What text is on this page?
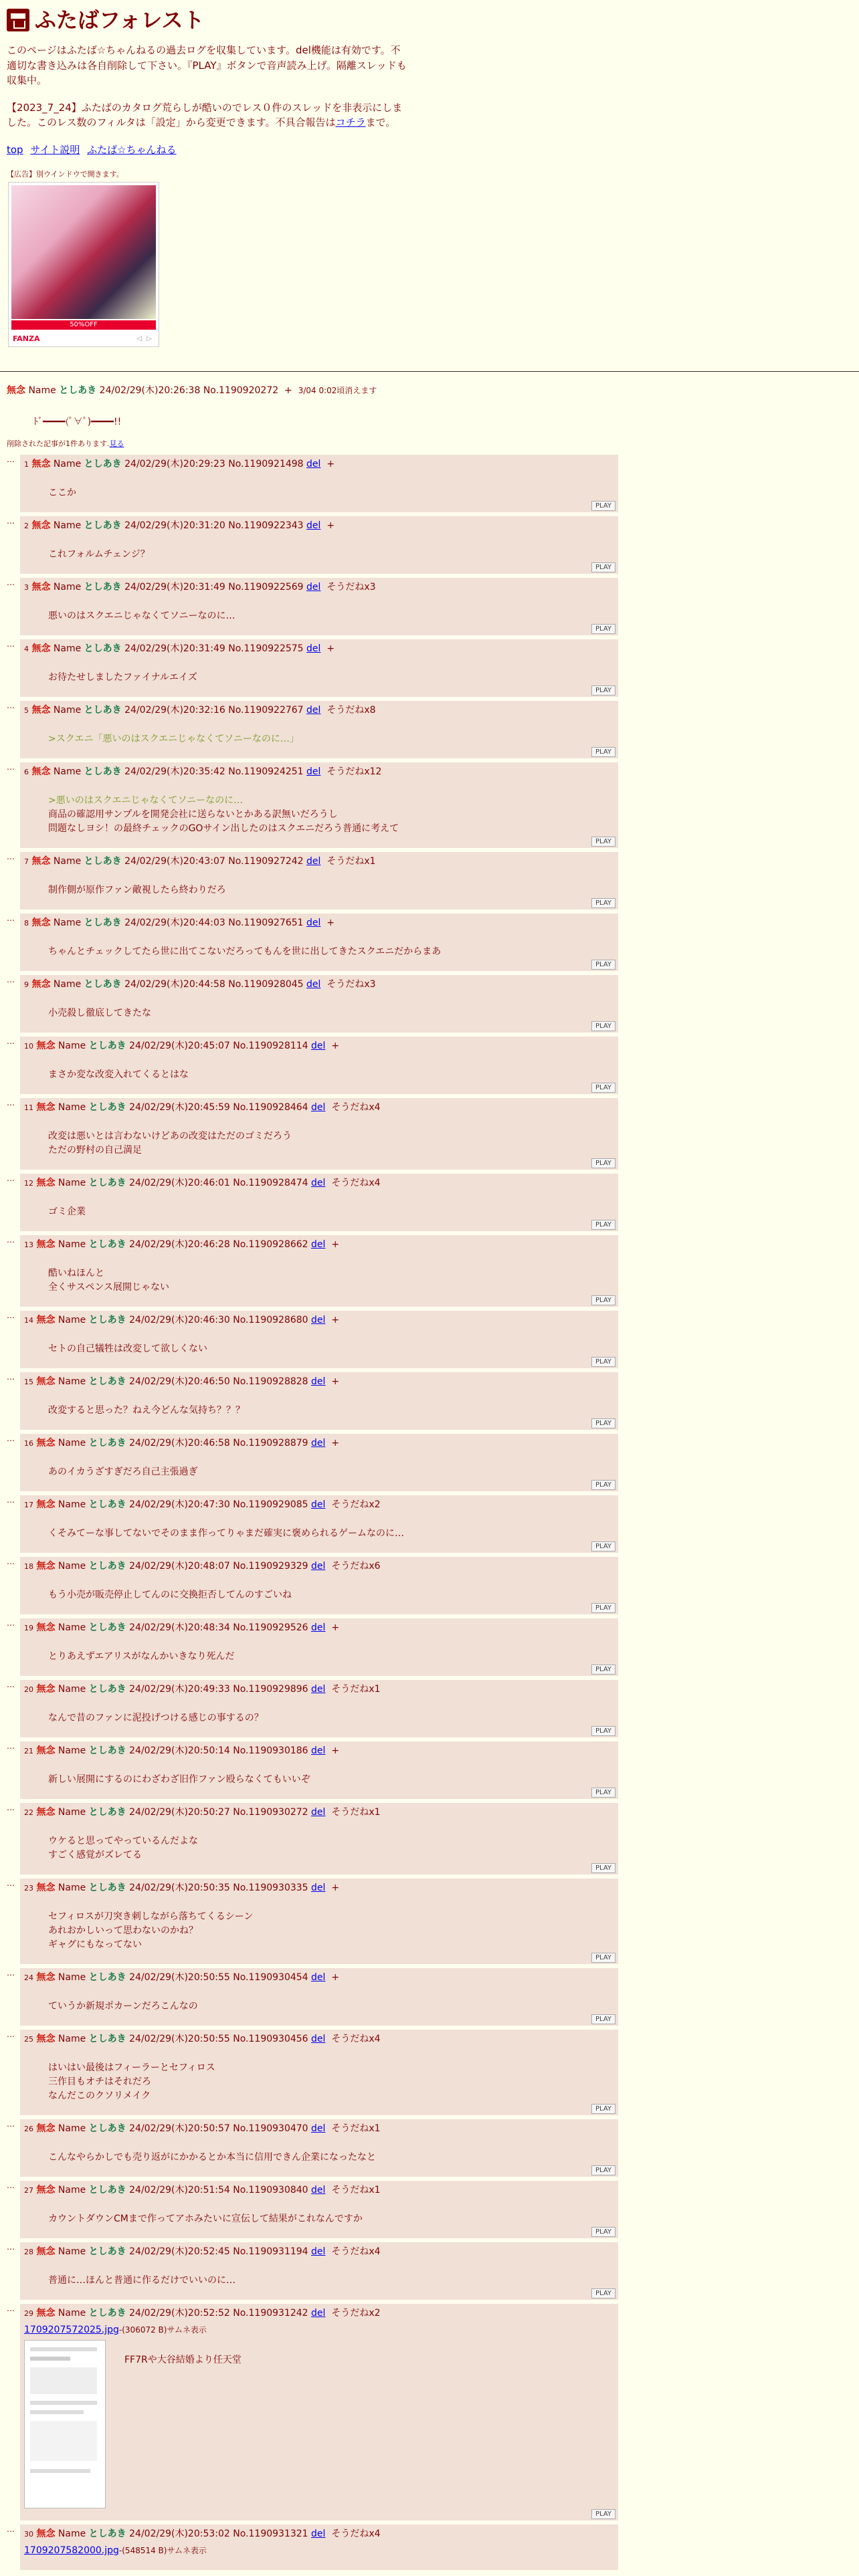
ふたばフォレスト

このページはふたば☆ちゃんねるの過去ログを収集しています。del機能は有効です。不適切な書き込みは各自削除して下さい。『PLAY』ボタンで音声読み上げ。隔離スレッドも収集中。

【2023_7_24】ふたばのカタログ荒らしが酷いのでレス０件のスレッドを非表示にしました。このレス数のフィルタは「設定」から変更できます。不具合報告はコチラまで。

top サイト説明 ふたば☆ちゃんねる
【広告】別ウインドウで開きます。
50%OFF
FANZA	◁ ▷
無念 Name としあき 24/02/29(木)20:26:38 No.1190920272 + 3/04 0:02頃消えます
ﾄﾞ━━━━(ﾟ∀ﾟ)━━━━!!
削除された記事が1件あります.見る
…
1 無念 Name としあき 24/02/29(木)20:29:23 No.1190921498 del +
ここか
PLAY
…
2 無念 Name としあき 24/02/29(木)20:31:20 No.1190922343 del +
これフォルムチェンジ？
PLAY
…
3 無念 Name としあき 24/02/29(木)20:31:49 No.1190922569 del そうだねx3
悪いのはスクエニじゃなくてソニーなのに…
PLAY
…
4 無念 Name としあき 24/02/29(木)20:31:49 No.1190922575 del +
お待たせしましたファイナルエイズ
PLAY
…
5 無念 Name としあき 24/02/29(木)20:32:16 No.1190922767 del そうだねx8
>スクエニ「悪いのはスクエニじゃなくてソニーなのに…」
PLAY
…
6 無念 Name としあき 24/02/29(木)20:35:42 No.1190924251 del そうだねx12
>悪いのはスクエニじゃなくてソニーなのに…
商品の確認用サンプルを開発会社に送らないとかある訳無いだろうし
問題なしヨシ！の最終チェックのGOサイン出したのはスクエニだろう普通に考えて
PLAY
…
7 無念 Name としあき 24/02/29(木)20:43:07 No.1190927242 del そうだねx1
制作側が原作ファン敵視したら終わりだろ
PLAY
…
8 無念 Name としあき 24/02/29(木)20:44:03 No.1190927651 del +
ちゃんとチェックしてたら世に出てこないだろってもんを世に出してきたスクエニだからまあ
PLAY
…
9 無念 Name としあき 24/02/29(木)20:44:58 No.1190928045 del そうだねx3
小売殺し徹底してきたな
PLAY
…
10 無念 Name としあき 24/02/29(木)20:45:07 No.1190928114 del +
まさか変な改変入れてくるとはな
PLAY
…
11 無念 Name としあき 24/02/29(木)20:45:59 No.1190928464 del そうだねx4
改変は悪いとは言わないけどあの改変はただのゴミだろう
ただの野村の自己満足
PLAY
…
12 無念 Name としあき 24/02/29(木)20:46:01 No.1190928474 del そうだねx4
ゴミ企業
PLAY
…
13 無念 Name としあき 24/02/29(木)20:46:28 No.1190928662 del +
酷いねほんと
全くサスペンス展開じゃない
PLAY
…
14 無念 Name としあき 24/02/29(木)20:46:30 No.1190928680 del +
セトの自己犠牲は改変して欲しくない
PLAY
…
15 無念 Name としあき 24/02/29(木)20:46:50 No.1190928828 del +
改変すると思った？ねえ今どんな気持ち？？？
PLAY
…
16 無念 Name としあき 24/02/29(木)20:46:58 No.1190928879 del +
あのイカうざすぎだろ自己主張過ぎ
PLAY
…
17 無念 Name としあき 24/02/29(木)20:47:30 No.1190929085 del そうだねx2
くそみてーな事してないでそのまま作ってりゃまだ確実に褒められるゲームなのに…
PLAY
…
18 無念 Name としあき 24/02/29(木)20:48:07 No.1190929329 del そうだねx6
もう小売が販売停止してんのに交換拒否してんのすごいね
PLAY
…
19 無念 Name としあき 24/02/29(木)20:48:34 No.1190929526 del +
とりあえずエアリスがなんかいきなり死んだ
PLAY
…
20 無念 Name としあき 24/02/29(木)20:49:33 No.1190929896 del そうだねx1
なんで昔のファンに泥投げつける感じの事するの？
PLAY
…
21 無念 Name としあき 24/02/29(木)20:50:14 No.1190930186 del +
新しい展開にするのにわざわざ旧作ファン殴らなくてもいいぞ
PLAY
…
22 無念 Name としあき 24/02/29(木)20:50:27 No.1190930272 del そうだねx1
ウケると思ってやっているんだよな
すごく感覚がズレてる
PLAY
…
23 無念 Name としあき 24/02/29(木)20:50:35 No.1190930335 del +
セフィロスが刀突き刺しながら落ちてくるシーン
あれおかしいって思わないのかね？
ギャグにもなってない
PLAY
…
24 無念 Name としあき 24/02/29(木)20:50:55 No.1190930454 del +
ていうか新規ポカーンだろこんなの
PLAY
…
25 無念 Name としあき 24/02/29(木)20:50:55 No.1190930456 del そうだねx4
はいはい最後はフィーラーとセフィロス
三作目もオチはそれだろ
なんだこのクソリメイク
PLAY
…
26 無念 Name としあき 24/02/29(木)20:50:57 No.1190930470 del そうだねx1
こんなやらかしでも売り返がにかかるとか本当に信用できん企業になったなと
PLAY
…
27 無念 Name としあき 24/02/29(木)20:51:54 No.1190930840 del そうだねx1
カウントダウンCMまで作ってアホみたいに宣伝して結果がこれなんですか
PLAY
…
28 無念 Name としあき 24/02/29(木)20:52:45 No.1190931194 del そうだねx4
普通に…ほんと普通に作るだけでいいのに…
PLAY
…
29 無念 Name としあき 24/02/29(木)20:52:52 No.1190931242 del そうだねx2
1709207572025.jpg-(306072 B)サムネ表示
FF7Rや大谷結婚より任天堂
PLAY
…
30 無念 Name としあき 24/02/29(木)20:53:02 No.1190931321 del そうだねx4
1709207582000.jpg-(548514 B)サムネ表示
